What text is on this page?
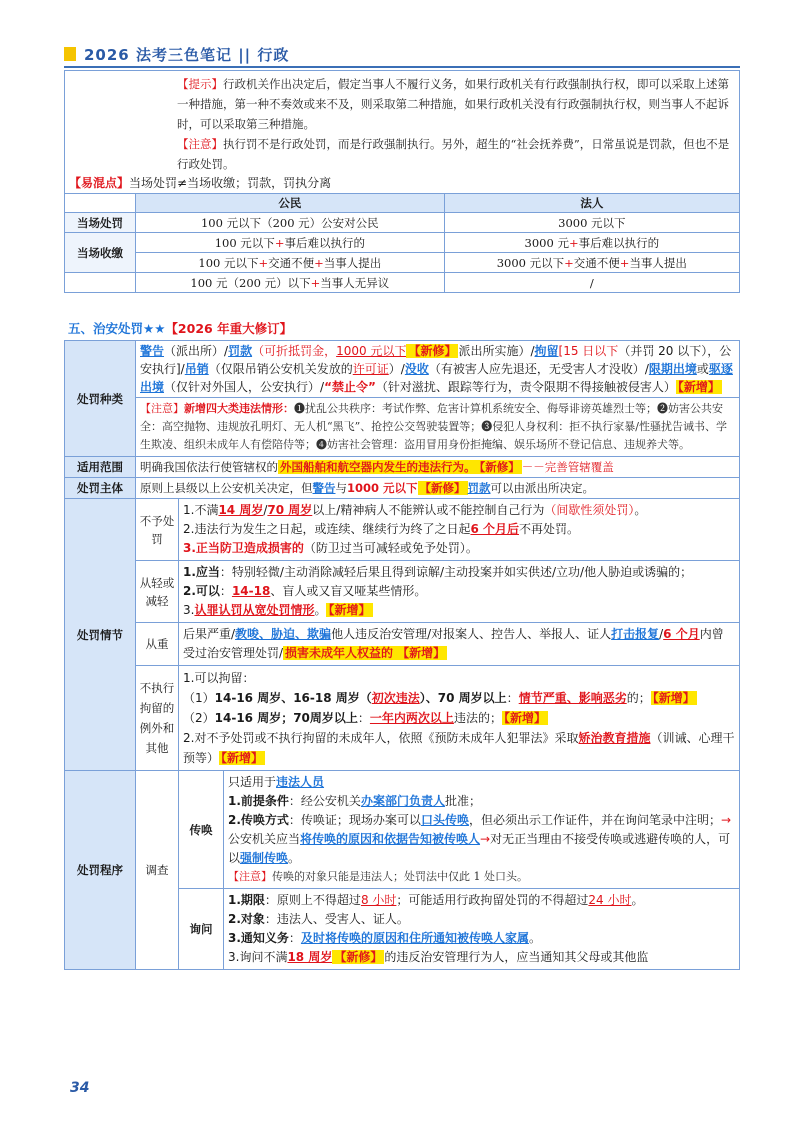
2026 法考三色笔记 || 行政
【提示】行政机关作出决定后，假定当事人不履行义务，如果行政机关有行政强制执行权，即可以采取上述第一种措施，第一种不奏效或来不及，则采取第二种措施，如果行政机关没有行政强制执行权，则当事人不起诉时，可以采取第三种措施。
【注意】执行罚不是行政处罚，而是行政强制执行。另外，超生的“社会抚养费”，日常虽说是罚款，但也不是行政处罚。
【易混点】当场处罚≠当场收缴；罚款，罚执分离
	公民	法人
当场处罚	100 元以下（200 元）公安对公民	3000 元以下
当场收缴	100 元以下+事后难以执行的	3000 元+事后难以执行的
	100 元以下+交通不便+当事人提出	3000 元以下+交通不便+当事人提出
	100 元（200 元）以下+当事人无异议	/
五、治安处罚★★【2026 年重大修订】
处罚种类	警告（派出所）/罚款（可折抵罚金，1000 元以下 【新修】 派出所实施）/拘留[15 日以下（并罚 20 以下），公安执行]/吊销（仅限吊销公安机关发放的许可证）/没收（有被害人应先退还，无受害人才没收）/限期出境或驱逐出境（仅针对外国人，公安执行）/“禁止令”（针对滋扰、跟踪等行为，责令限期不得接触被侵害人） 【新增】
【注意】新增四大类违法情形：❶扰乱公共秩序：考试作弊、危害计算机系统安全、侮辱诽谤英雄烈士等；❷妨害公共安全：高空抛物、违规放孔明灯、无人机“黑飞”、抢控公交驾驶装置等；❸侵犯人身权利：拒不执行家暴/性骚扰告诫书、学生欺凌、组织未成年人有偿陪侍等；❹妨害社会管理：盗用冒用身份拒掩编、娱乐场所不登记信息、违规养犬等。		

适用范围	明确我国依法行使管辖权的 外国船舶和航空器内发生的违法行为。 【新修】 －－完善管辖覆盖		
处罚主体	原则上县级以上公安机关决定，但警告与1000 元以下 【新修】 罚款可以由派出所决定。		
处罚情节	不予处罚	1.不满14 周岁/70 周岁以上/精神病人不能辨认或不能控制自己行为（间歇性须处罚）。
2.违法行为发生之日起，或连续、继续行为终了之日起6 个月后不再处罚。
3.正当防卫造成损害的（防卫过当可减轻或免予处罚）。	

	从轻或减轻	1.应当：特别轻微/主动消除减轻后果且得到谅解/主动投案并如实供述/立功/他人胁迫或诱骗的；
2.可以：14-18、盲人或又盲又哑某些情形。
3.认罪认罚从宽处罚情形。 【新增】	

	从重	后果严重/教唆、胁迫、欺骗他人违反治安管理/对报案人、控告人、举报人、证人打击报复/6 个月内曾受过治安管理处罚/ 损害未成年人权益的 【新增】	
	不执行拘留的例外和其他	1.可以拘留：
（1）14-16 周岁、16-18 周岁（初次违法）、70 周岁以上：情节严重、影响恶劣的； 【新增】
（2）14-16 周岁；70周岁以上：一年内两次以上违法的； 【新增】
2.对不予处罚或不执行拘留的未成年人，依照《预防未成年人犯罪法》采取矫治教育措施（训诫、心理干预等） 【新增】	

处罚程序	调查	传唤	只适用于违法人员
1.前提条件：经公安机关办案部门负责人批准；
2.传唤方式：传唤证；现场办案可以口头传唤，但必须出示工作证件，并在询问笔录中注明；→公安机关应当将传唤的原因和依据告知被传唤人→对无正当理由不接受传唤或逃避传唤的人，可以强制传唤。
【注意】传唤的对象只能是违法人；处罚法中仅此 1 处口头。

		询问	1.期限：原则上不得超过8 小时；可能适用行政拘留处罚的不得超过24 小时。
2.对象：违法人、受害人、证人。
3.通知义务：及时将传唤的原因和住所通知被传唤人家属。
3.询问不满18 周岁 【新修】 的违反治安管理行为人，应当通知其父母或其他监
34
